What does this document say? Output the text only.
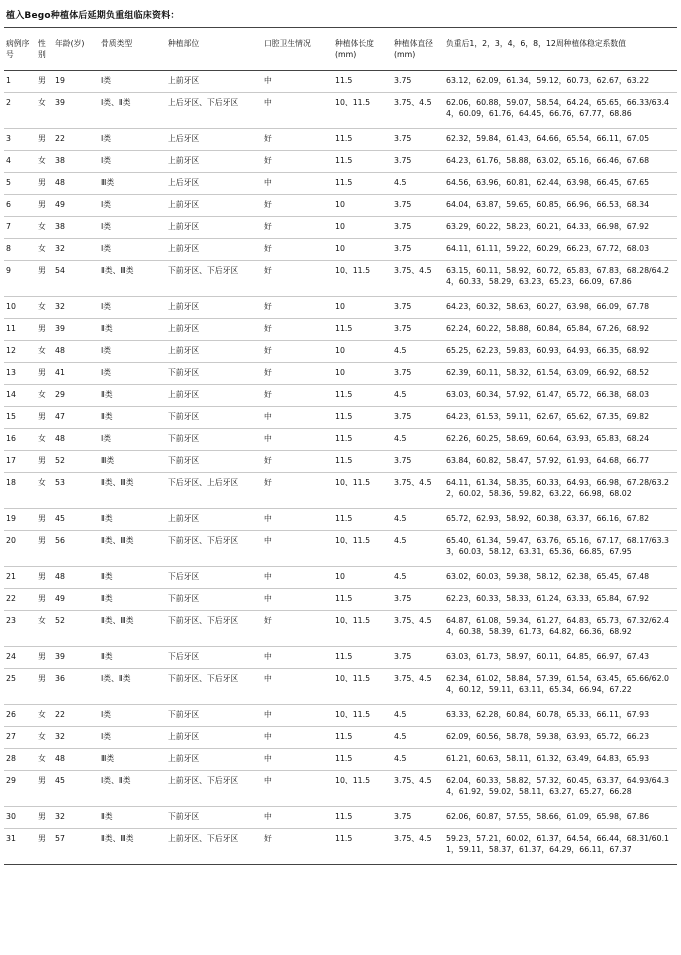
植入Bego种植体后延期负重组临床资料：
病例序号	性别	年龄(岁)	骨质类型	种植部位	口腔卫生情况	种植体长度(mm)	种植体直径(mm)	负重后1，2，3，4，6，8，12周种植体稳定系数值
1	男	19	Ⅰ类	上前牙区	中	11.5	3.75	63.12，62.09，61.34，59.12，60.73，62.67，63.22
2	女	39	Ⅰ类、Ⅱ类	上后牙区、下后牙区	中	10、11.5	3.75、4.5	62.06，60.88，59.07，58.54，64.24，65.65，66.33/63.44，60.09，61.76，64.45，66.76，67.77，68.86
3	男	22	Ⅰ类	上后牙区	好	11.5	3.75	62.32，59.84，61.43，64.66，65.54，66.11，67.05
4	女	38	Ⅰ类	上前牙区	好	11.5	3.75	64.23，61.76，58.88，63.02，65.16，66.46，67.68
5	男	48	Ⅲ类	上后牙区	中	11.5	4.5	64.56，63.96，60.81，62.44，63.98，66.45，67.65
6	男	49	Ⅰ类	上前牙区	好	10	3.75	64.04，63.87，59.65，60.85，66.96，66.53，68.34
7	女	38	Ⅰ类	上前牙区	好	10	3.75	63.29，60.22，58.23，60.21，64.33，66.98，67.92
8	女	32	Ⅰ类	上前牙区	好	10	3.75	64.11，61.11，59.22，60.29，66.23，67.72，68.03
9	男	54	Ⅱ类、Ⅲ类	下前牙区、下后牙区	好	10、11.5	3.75、4.5	63.15，60.11，58.92，60.72，65.83，67.83，68.28/64.24，60.33，58.29，63.23，65.23，66.09，67.86
10	女	32	Ⅰ类	上前牙区	好	10	3.75	64.23，60.32，58.63，60.27，63.98，66.09，67.78
11	男	39	Ⅱ类	上前牙区	好	11.5	3.75	62.24，60.22，58.88，60.84，65.84，67.26，68.92
12	女	48	Ⅰ类	上前牙区	好	10	4.5	65.25，62.23，59.83，60.93，64.93，66.35，68.92
13	男	41	Ⅰ类	下前牙区	好	10	3.75	62.39，60.11，58.32，61.54，63.09，66.92，68.52
14	女	29	Ⅱ类	上前牙区	好	11.5	4.5	63.03，60.34，57.92，61.47，65.72，66.38，68.03
15	男	47	Ⅱ类	下前牙区	中	11.5	3.75	64.23，61.53，59.11，62.67，65.62，67.35，69.82
16	女	48	Ⅰ类	下前牙区	中	11.5	4.5	62.26，60.25，58.69，60.64，63.93，65.83，68.24
17	男	52	Ⅲ类	下前牙区	好	11.5	3.75	63.84，60.82，58.47，57.92，61.93，64.68，66.77
18	女	53	Ⅱ类、Ⅲ类	下后牙区、上后牙区	好	10、11.5	3.75、4.5	64.11，61.34，58.35，60.33，64.93，66.98，67.28/63.22，60.02，58.36，59.82，63.22，66.98，68.02
19	男	45	Ⅱ类	上前牙区	中	11.5	4.5	65.72，62.93，58.92，60.38，63.37，66.16，67.82
20	男	56	Ⅱ类、Ⅲ类	下前牙区、下后牙区	中	10、11.5	4.5	65.40，61.34，59.47，63.76，65.16，67.17，68.17/63.33，60.03，58.12，63.31，65.36，66.85，67.95
21	男	48	Ⅱ类	下后牙区	中	10	4.5	63.02，60.03，59.38，58.12，62.38，65.45，67.48
22	男	49	Ⅱ类	下前牙区	中	11.5	3.75	62.23，60.33，58.33，61.24，63.33，65.84，67.92
23	女	52	Ⅱ类、Ⅲ类	下前牙区、下后牙区	好	10、11.5	3.75、4.5	64.87，61.08，59.34，61.27，64.83，65.73，67.32/62.44，60.38，58.39，61.73，64.82，66.36，68.92
24	男	39	Ⅱ类	下后牙区	中	11.5	3.75	63.03，61.73，58.97，60.11，64.85，66.97，67.43
25	男	36	Ⅰ类、Ⅱ类	下前牙区、下后牙区	中	10、11.5	3.75、4.5	62.34，61.02，58.84，57.39，61.54，63.45，65.66/62.04，60.12，59.11，63.11，65.34，66.94，67.22
26	女	22	Ⅰ类	下前牙区	中	10、11.5	4.5	63.33，62.28，60.84，60.78，65.33，66.11，67.93
27	女	32	Ⅰ类	上前牙区	中	11.5	4.5	62.09，60.56，58.78，59.38，63.93，65.72，66.23
28	女	48	Ⅲ类	上前牙区	中	11.5	4.5	61.21，60.63，58.11，61.32，63.49，64.83，65.93
29	男	45	Ⅰ类、Ⅱ类	上前牙区、下后牙区	中	10、11.5	3.75、4.5	62.04，60.33，58.82，57.32，60.45，63.37，64.93/64.34，61.92，59.02，58.11，63.27，65.27，66.28
30	男	32	Ⅱ类	下前牙区	中	11.5	3.75	62.06，60.87，57.55，58.66，61.09，65.98，67.86
31	男	57	Ⅱ类、Ⅲ类	上前牙区、下后牙区	好	11.5	3.75、4.5	59.23，57.21，60.02，61.37，64.54，66.44，68.31/60.11，59.11，58.37，61.37，64.29，66.11，67.37
